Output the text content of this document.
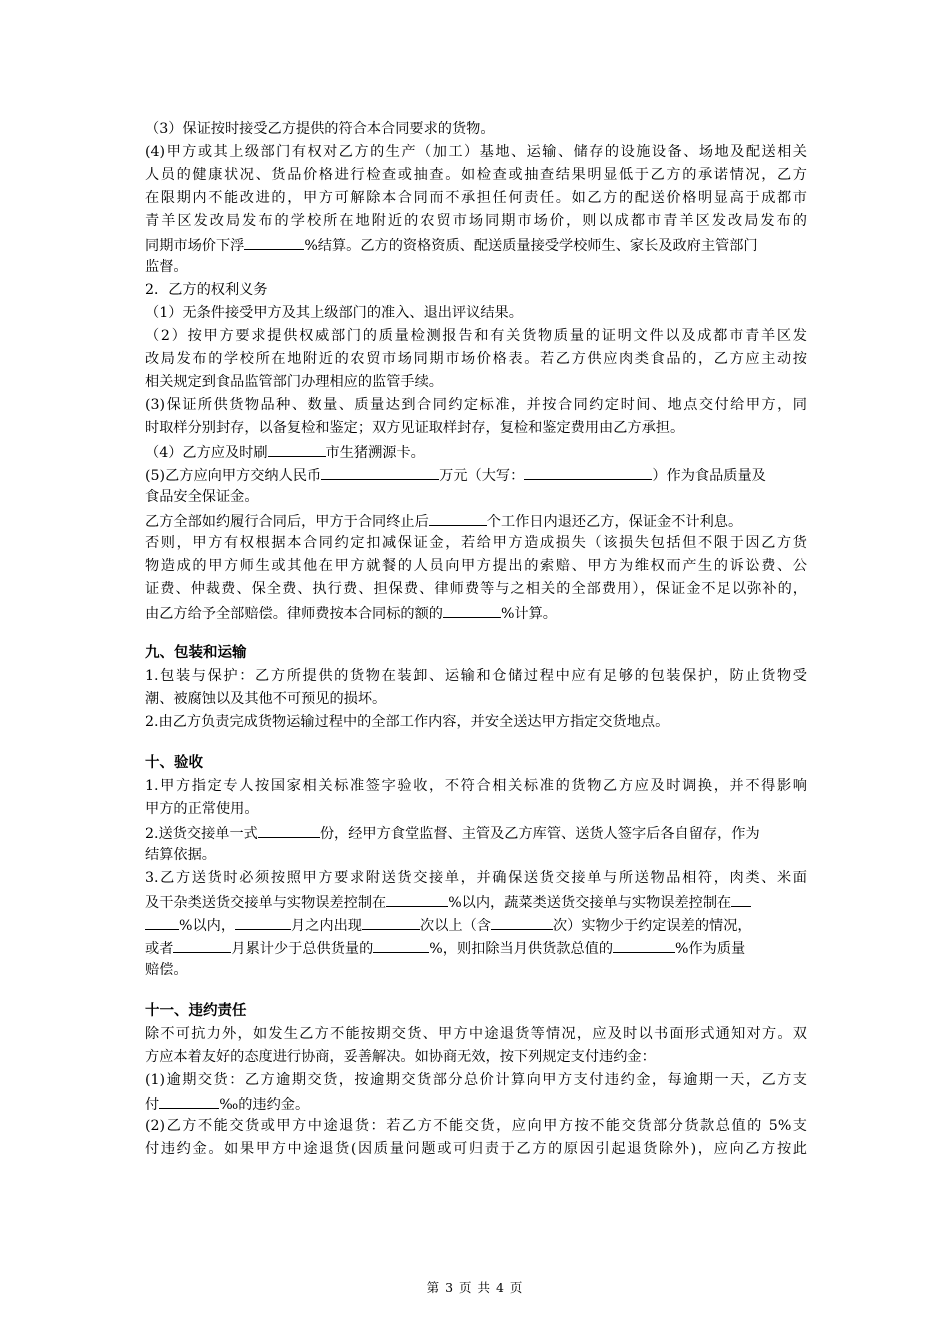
（3）保证按时接受乙方提供的符合本合同要求的货物。
(4)甲方或其上级部门有权对乙方的生产（加工）基地、运输、储存的设施设备、场地及配送相关
人员的健康状况、货品价格进行检查或抽查。如检查或抽查结果明显低于乙方的承诺情况，乙方
在限期内不能改进的，甲方可解除本合同而不承担任何责任。如乙方的配送价格明显高于成都市
青羊区发改局发布的学校所在地附近的农贸市场同期市场价，则以成都市青羊区发改局发布的
同期市场价下浮	%结算。乙方的资格资质、配送质量接受学校师生、家长及政府主管部门
监督。
2．乙方的权利义务
（1）无条件接受甲方及其上级部门的准入、退出评议结果。
（2）按甲方要求提供权威部门的质量检测报告和有关货物质量的证明文件以及成都市青羊区发
改局发布的学校所在地附近的农贸市场同期市场价格表。若乙方供应肉类食品的，乙方应主动按
相关规定到食品监管部门办理相应的监管手续。
(3)保证所供货物品种、数量、质量达到合同约定标准，并按合同约定时间、地点交付给甲方，同
时取样分别封存，以备复检和鉴定；双方见证取样封存，复检和鉴定费用由乙方承担。
（4）乙方应及时刷	市生猪溯源卡。
(5)乙方应向甲方交纳人民币	万元（大写：	）作为食品质量及
食品安全保证金。
乙方全部如约履行合同后，甲方于合同终止后	个工作日内退还乙方，保证金不计利息。
否则，甲方有权根据本合同约定扣减保证金，若给甲方造成损失（该损失包括但不限于因乙方货
物造成的甲方师生或其他在甲方就餐的人员向甲方提出的索赔、甲方为维权而产生的诉讼费、公
证费、仲裁费、保全费、执行费、担保费、律师费等与之相关的全部费用），保证金不足以弥补的，
由乙方给予全部赔偿。律师费按本合同标的额的	%计算。
九、包装和运输
1.包装与保护：乙方所提供的货物在装卸、运输和仓储过程中应有足够的包装保护，防止货物受
潮、被腐蚀以及其他不可预见的损坏。
2.由乙方负责完成货物运输过程中的全部工作内容，并安全送达甲方指定交货地点。
十、验收
1.甲方指定专人按国家相关标准签字验收，不符合相关标准的货物乙方应及时调换，并不得影响
甲方的正常使用。
2.送货交接单一式	份，经甲方食堂监督、主管及乙方库管、送货人签字后各自留存，作为
结算依据。
3.乙方送货时必须按照甲方要求附送货交接单，并确保送货交接单与所送物品相符，肉类、米面
及干杂类送货交接单与实物误差控制在	%以内，蔬菜类送货交接单与实物误差控制在
%以内，	月之内出现	次以上（含	次）实物少于约定误差的情况，
或者	月累计少于总供货量的	%，则扣除当月供货款总值的	%作为质量
赔偿。
十一、违约责任
除不可抗力外，如发生乙方不能按期交货、甲方中途退货等情况，应及时以书面形式通知对方。双
方应本着友好的态度进行协商，妥善解决。如协商无效，按下列规定支付违约金：
(1)逾期交货：乙方逾期交货，按逾期交货部分总价计算向甲方支付违约金，每逾期一天，乙方支
付	‰的违约金。
(2)乙方不能交货或甲方中途退货：若乙方不能交货，应向甲方按不能交货部分货款总值的 5%支
付违约金。如果甲方中途退货(因质量问题或可归责于乙方的原因引起退货除外)，应向乙方按此
第 3 页 共 4 页
